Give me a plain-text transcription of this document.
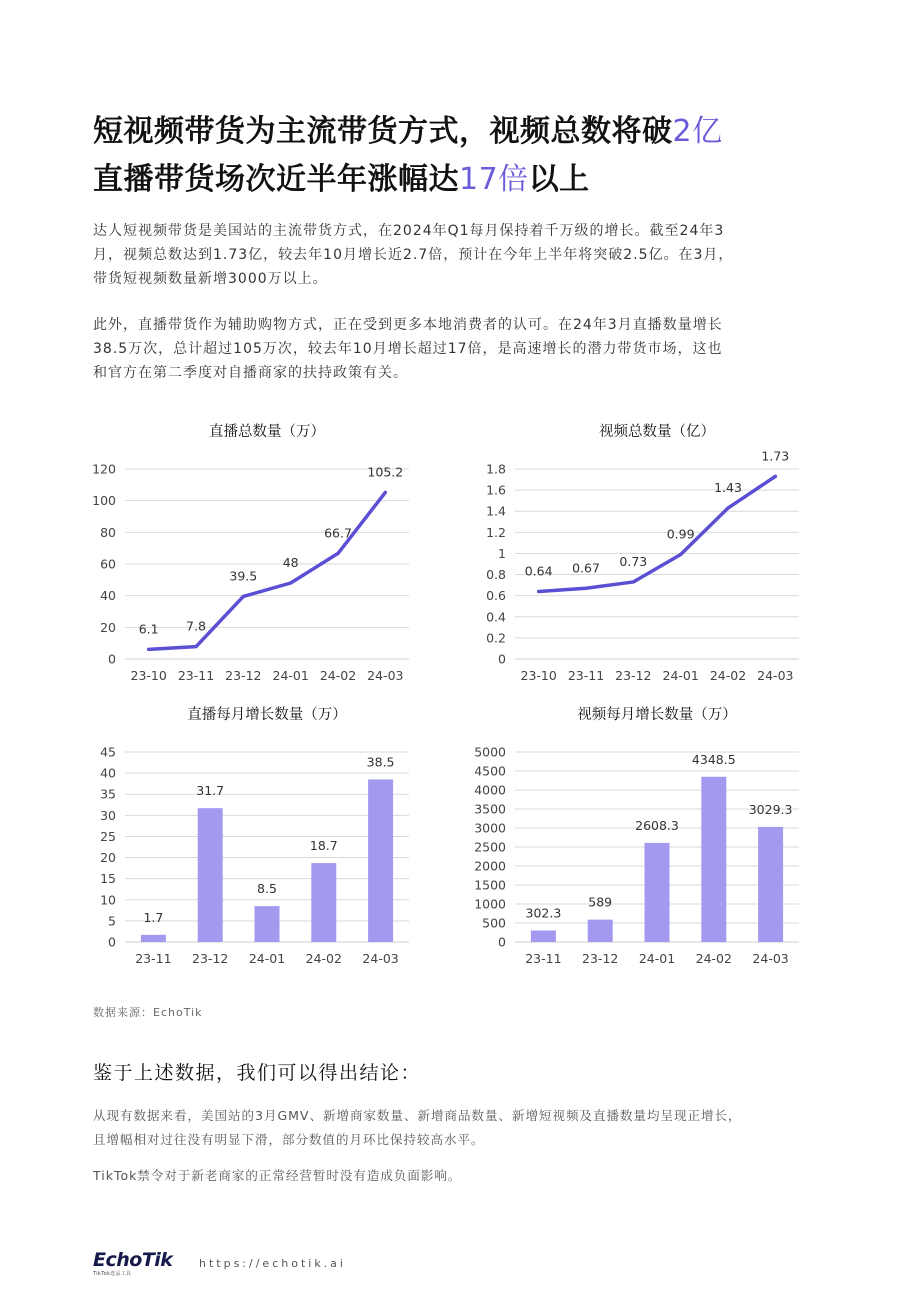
短视频带货为主流带货方式，视频总数将破2亿
直播带货场次近半年涨幅达17倍以上
达人短视频带货是美国站的主流带货方式，在2024年Q1每月保持着千万级的增长。截至24年3
月，视频总数达到1.73亿，较去年10月增长近2.7倍，预计在今年上半年将突破2.5亿。在3月，
带货短视频数量新增3000万以上。
此外，直播带货作为辅助购物方式，正在受到更多本地消费者的认可。在24年3月直播数量增长
38.5万次，总计超过105万次，较去年10月增长超过17倍，是高速增长的潜力带货市场，这也
和官方在第二季度对自播商家的扶持政策有关。
直播总数量（万）
0
20
40
60
80
100
120
23-10 23-11 23-12 24-01 24-02 24-03
6.1 7.8
39.5
48
66.7
105.2
视频总数量（亿）
0
0.2
0.4
0.6
0.8
1
1.2
1.4
1.6
1.8
23-10 23-11 23-12 24-01 24-02 24-03
0.64 0.67 0.73
0.99
1.43
1.73
直播每月增长数量（万）
0
5
10
15
20
25
30
35
40
45
23-11 23-12 24-01 24-02 24-03
1.7
31.7
8.5
18.7
38.5
视频每月增长数量（万）
0
500
1000
1500
2000
2500
3000
3500
4000
4500
5000
23-11 23-12 24-01 24-02 24-03
302.3
589
2608.3
4348.5
3029.3
数据来源：EchoTik
鉴于上述数据，我们可以得出结论：
从现有数据来看，美国站的3月GMV、新增商家数量、新增商品数量、新增短视频及直播数量均呈现正增长，
且增幅相对过往没有明显下滑，部分数值的月环比保持较高水平。
TikTok禁令对于新老商家的正常经营暂时没有造成负面影响。
EchoTik
TikTok选品工具
https://echotik.ai
